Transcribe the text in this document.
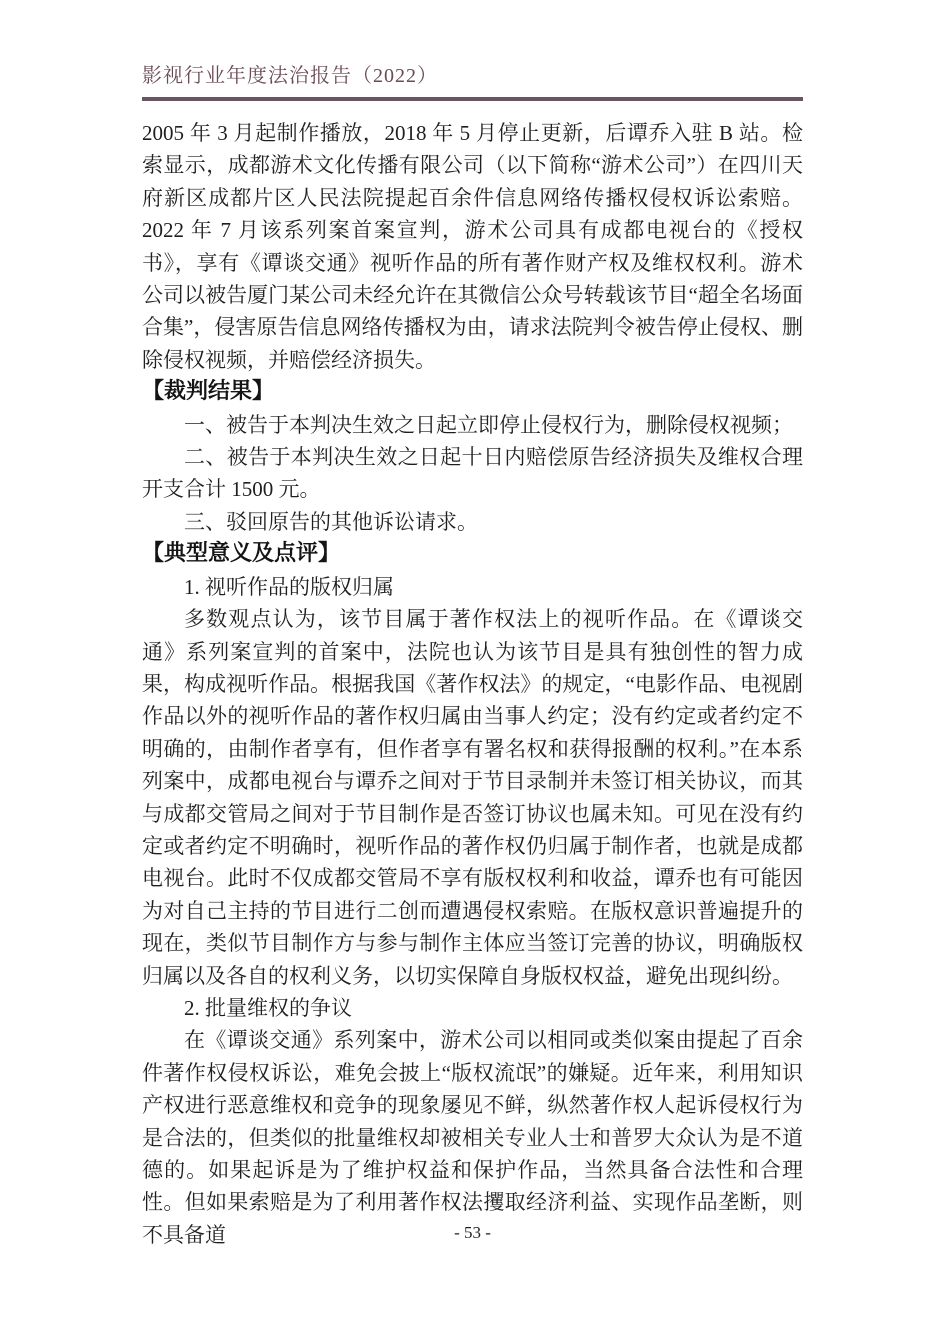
影视行业年度法治报告（2022）
2005 年 3 月起制作播放，2018 年 5 月停止更新，后谭乔入驻 B 站。检索显示，成都游术文化传播有限公司（以下简称“游术公司”）在四川天府新区成都片区人民法院提起百余件信息网络传播权侵权诉讼索赔。2022 年 7 月该系列案首案宣判，游术公司具有成都电视台的《授权书》，享有《谭谈交通》视听作品的所有著作财产权及维权权利。游术公司以被告厦门某公司未经允许在其微信公众号转载该节目“超全名场面合集”，侵害原告信息网络传播权为由，请求法院判令被告停止侵权、删除侵权视频，并赔偿经济损失。
【裁判结果】
一、被告于本判决生效之日起立即停止侵权行为，删除侵权视频；
二、被告于本判决生效之日起十日内赔偿原告经济损失及维权合理开支合计 1500 元。
三、驳回原告的其他诉讼请求。
【典型意义及点评】
1. 视听作品的版权归属
多数观点认为，该节目属于著作权法上的视听作品。在《谭谈交通》系列案宣判的首案中，法院也认为该节目是具有独创性的智力成果，构成视听作品。根据我国《著作权法》的规定，“电影作品、电视剧作品以外的视听作品的著作权归属由当事人约定；没有约定或者约定不明确的，由制作者享有，但作者享有署名权和获得报酬的权利。”在本系列案中，成都电视台与谭乔之间对于节目录制并未签订相关协议，而其与成都交管局之间对于节目制作是否签订协议也属未知。可见在没有约定或者约定不明确时，视听作品的著作权仍归属于制作者，也就是成都电视台。此时不仅成都交管局不享有版权权利和收益，谭乔也有可能因为对自己主持的节目进行二创而遭遇侵权索赔。在版权意识普遍提升的现在，类似节目制作方与参与制作主体应当签订完善的协议，明确版权归属以及各自的权利义务，以切实保障自身版权权益，避免出现纠纷。
2. 批量维权的争议
在《谭谈交通》系列案中，游术公司以相同或类似案由提起了百余件著作权侵权诉讼，难免会披上“版权流氓”的嫌疑。近年来，利用知识产权进行恶意维权和竞争的现象屡见不鲜，纵然著作权人起诉侵权行为是合法的，但类似的批量维权却被相关专业人士和普罗大众认为是不道德的。如果起诉是为了维护权益和保护作品，当然具备合法性和合理性。但如果索赔是为了利用著作权法攫取经济利益、实现作品垄断，则不具备道	- 53 -
